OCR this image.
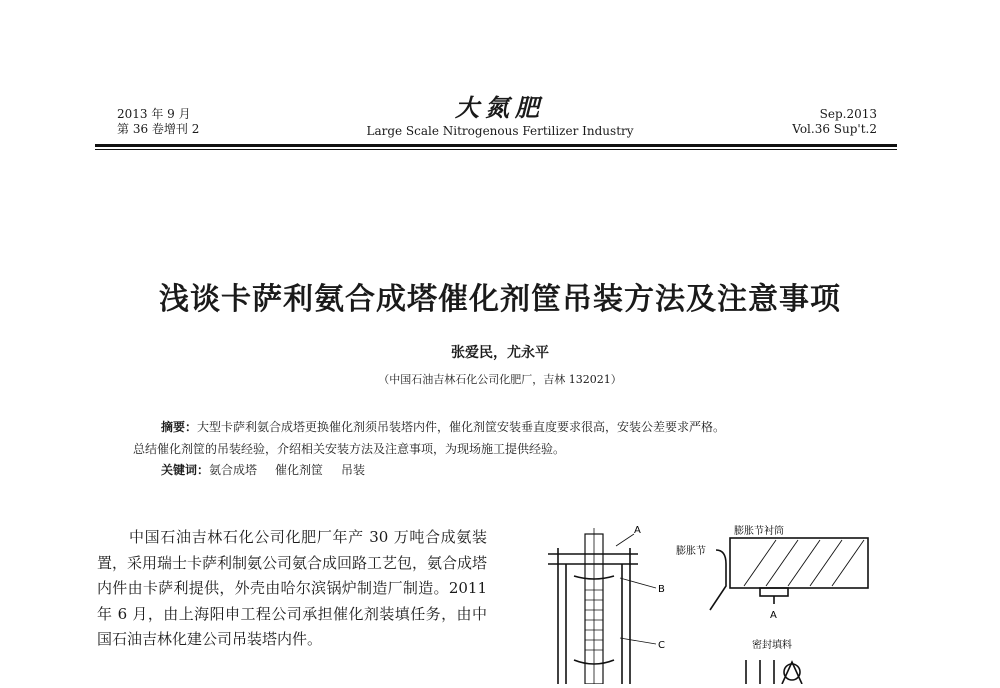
2013 年 9 月
第 36 卷增刊 2
大氮肥
Large Scale Nitrogenous Fertilizer Industry
Sep.2013
Vol.36 Sup't.2
浅谈卡萨利氨合成塔催化剂筐吊装方法及注意事项
张爱民，尤永平
（中国石油吉林石化公司化肥厂，吉林 132021）
摘要：大型卡萨利氨合成塔更换催化剂须吊装塔内件，催化剂筐安装垂直度要求很高，安装公差要求严格。
总结催化剂筐的吊装经验，介绍相关安装方法及注意事项，为现场施工提供经验。
关键词：氨合成塔 催化剂筐 吊装

中国石油吉林石化公司化肥厂年产 30 万吨合成氨装置，采用瑞士卡萨利制氨公司氨合成回路工艺包，氨合成塔内件由卡萨利提供，外壳由哈尔滨锅炉制造厂制造。2011 年 6 月，由上海阳申工程公司承担催化剂装填任务，由中国石油吉林化建公司吊装塔内件。

A
B
C
膨胀节衬筒
膨胀节
A
密封填料
